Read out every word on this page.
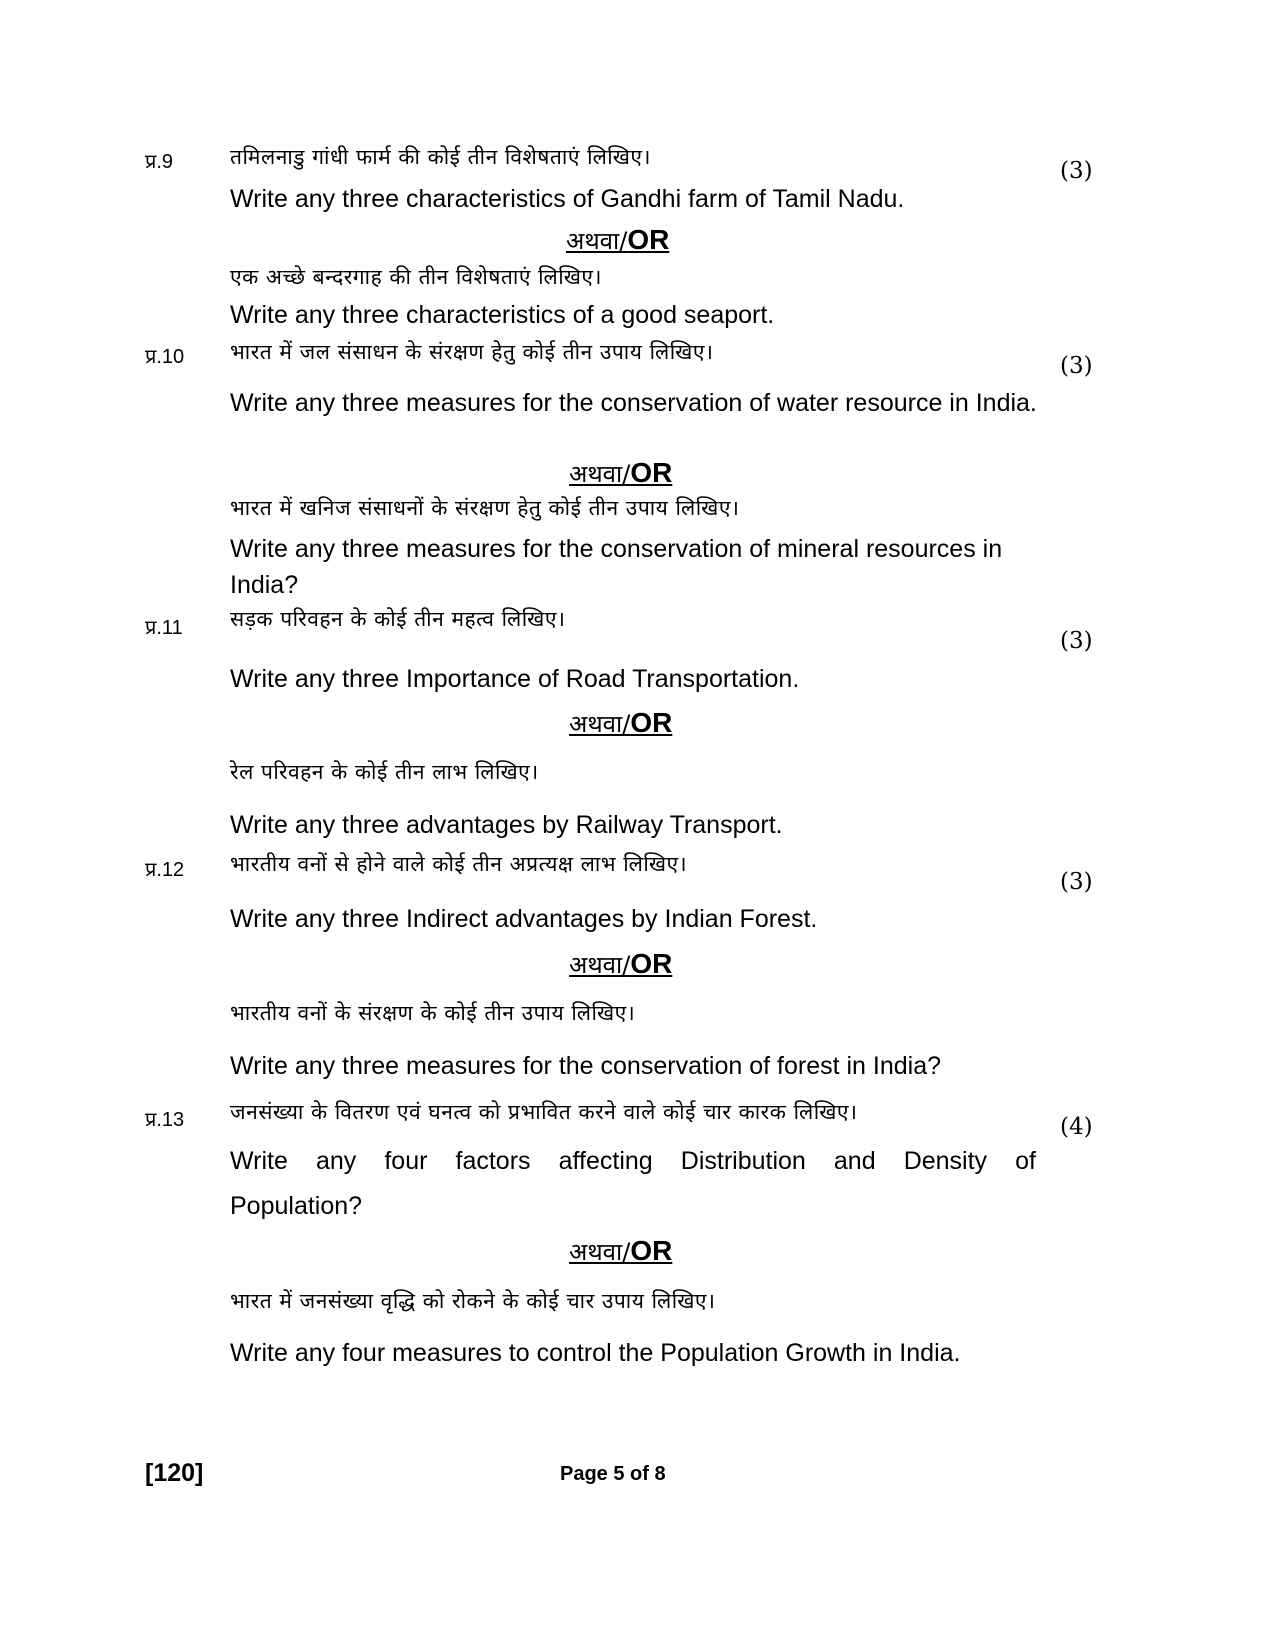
प्र.9	तमिलनाडु गांधी फार्म की कोई तीन विशेषताएं लिखिए।
(3)
Write any three characteristics of Gandhi farm of Tamil Nadu.
अथवा/OR
एक अच्छे बन्दरगाह की तीन विशेषताएं लिखिए।
Write any three characteristics of a good seaport.
प्र.10 भारत में जल संसाधन के संरक्षण हेतु कोई तीन उपाय लिखिए।
(3)
Write any three measures for the conservation of water resource in India.
अथवा/OR
भारत में खनिज संसाधनों के संरक्षण हेतु कोई तीन उपाय लिखिए।
Write any three measures for the conservation of mineral resources in India?
प्र.11 सड़क परिवहन के कोई तीन महत्व लिखिए।
(3)
Write any three Importance of Road Transportation.
अथवा/OR
रेल परिवहन के कोई तीन लाभ लिखिए।
Write any three advantages by Railway Transport.
प्र.12 भारतीय वनों से होने वाले कोई तीन अप्रत्यक्ष लाभ लिखिए।
(3)
Write any three Indirect advantages by Indian Forest.
अथवा/OR
भारतीय वनों के संरक्षण के कोई तीन उपाय लिखिए।
Write any three measures for the conservation of forest in India?
प्र.13 जनसंख्या के वितरण एवं घनत्व को प्रभावित करने वाले कोई चार कारक लिखिए।
(4)
Write any four factors affecting Distribution and Density of
Population?
अथवा/OR
भारत में जनसंख्या वृद्धि को रोकने के कोई चार उपाय लिखिए।
Write any four measures to control the Population Growth in India.
[120]	Page 5 of 8
